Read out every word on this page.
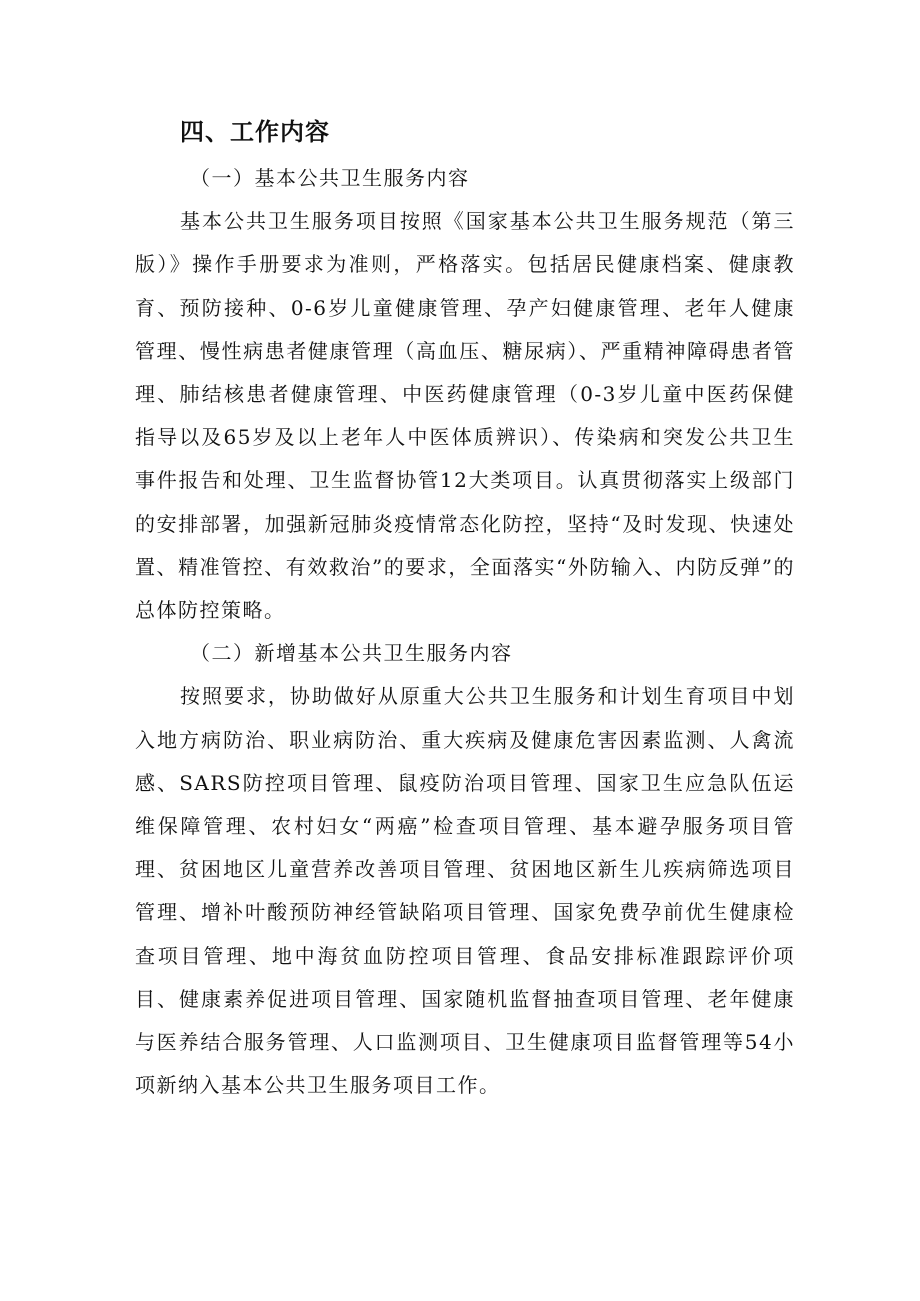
四、工作内容

（一）基本公共卫生服务内容

基本公共卫生服务项目按照《国家基本公共卫生服务规范（第三版）》操作手册要求为准则，严格落实。包括居民健康档案、健康教育、预防接种、0-6岁儿童健康管理、孕产妇健康管理、老年人健康管理、慢性病患者健康管理（高血压、糖尿病）、严重精神障碍患者管理、肺结核患者健康管理、中医药健康管理（0-3岁儿童中医药保健指导以及65岁及以上老年人中医体质辨识）、传染病和突发公共卫生事件报告和处理、卫生监督协管12大类项目。认真贯彻落实上级部门的安排部署，加强新冠肺炎疫情常态化防控，坚持“及时发现、快速处置、精准管控、有效救治”的要求，全面落实“外防输入、内防反弹”的总体防控策略。

（二）新增基本公共卫生服务内容

按照要求，协助做好从原重大公共卫生服务和计划生育项目中划入地方病防治、职业病防治、重大疾病及健康危害因素监测、人禽流感、SARS防控项目管理、鼠疫防治项目管理、国家卫生应急队伍运维保障管理、农村妇女“两癌”检查项目管理、基本避孕服务项目管理、贫困地区儿童营养改善项目管理、贫困地区新生儿疾病筛选项目管理、增补叶酸预防神经管缺陷项目管理、国家免费孕前优生健康检查项目管理、地中海贫血防控项目管理、食品安排标准跟踪评价项目、健康素养促进项目管理、国家随机监督抽查项目管理、老年健康与医养结合服务管理、人口监测项目、卫生健康项目监督管理等54小项新纳入基本公共卫生服务项目工作。
